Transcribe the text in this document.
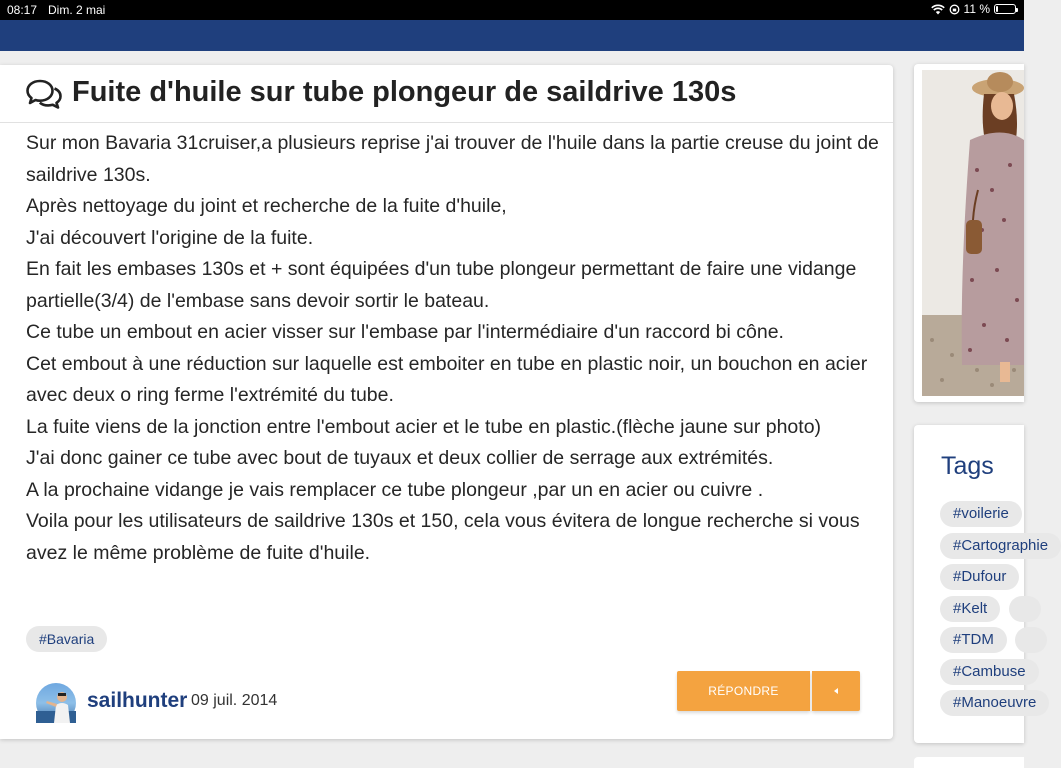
08:17 Dim. 2 mai	11 %
Fuite d'huile sur tube plongeur de saildrive 130s

Sur mon Bavaria 31cruiser,a plusieurs reprise j'ai trouver de l'huile dans la partie creuse du joint de saildrive 130s.

Après nettoyage du joint et recherche de la fuite d'huile,

J'ai découvert l'origine de la fuite.

En fait les embases 130s et + sont équipées d'un tube plongeur permettant de faire une vidange partielle(3/4) de l'embase sans devoir sortir le bateau.

Ce tube un embout en acier visser sur l'embase par l'intermédiaire d'un raccord bi cône.

Cet embout à une réduction sur laquelle est emboiter en tube en plastic noir, un bouchon en acier avec deux o ring ferme l'extrémité du tube.

La fuite viens de la jonction entre l'embout acier et le tube en plastic.(flèche jaune sur photo)

J'ai donc gainer ce tube avec bout de tuyaux et deux collier de serrage aux extrémités.

A la prochaine vidange je vais remplacer ce tube plongeur ,par un en acier ou cuivre .

Voila pour les utilisateurs de saildrive 130s et 150, cela vous évitera de longue recherche si vous avez le même problème de fuite d'huile.

#Bavaria
sailhunter 09 juil. 2014
RÉPONDRE
Tags
#voilerie
#Cartographie
#Dufour
#Kelt
#TDM
#Cambuse
#Manoeuvre
